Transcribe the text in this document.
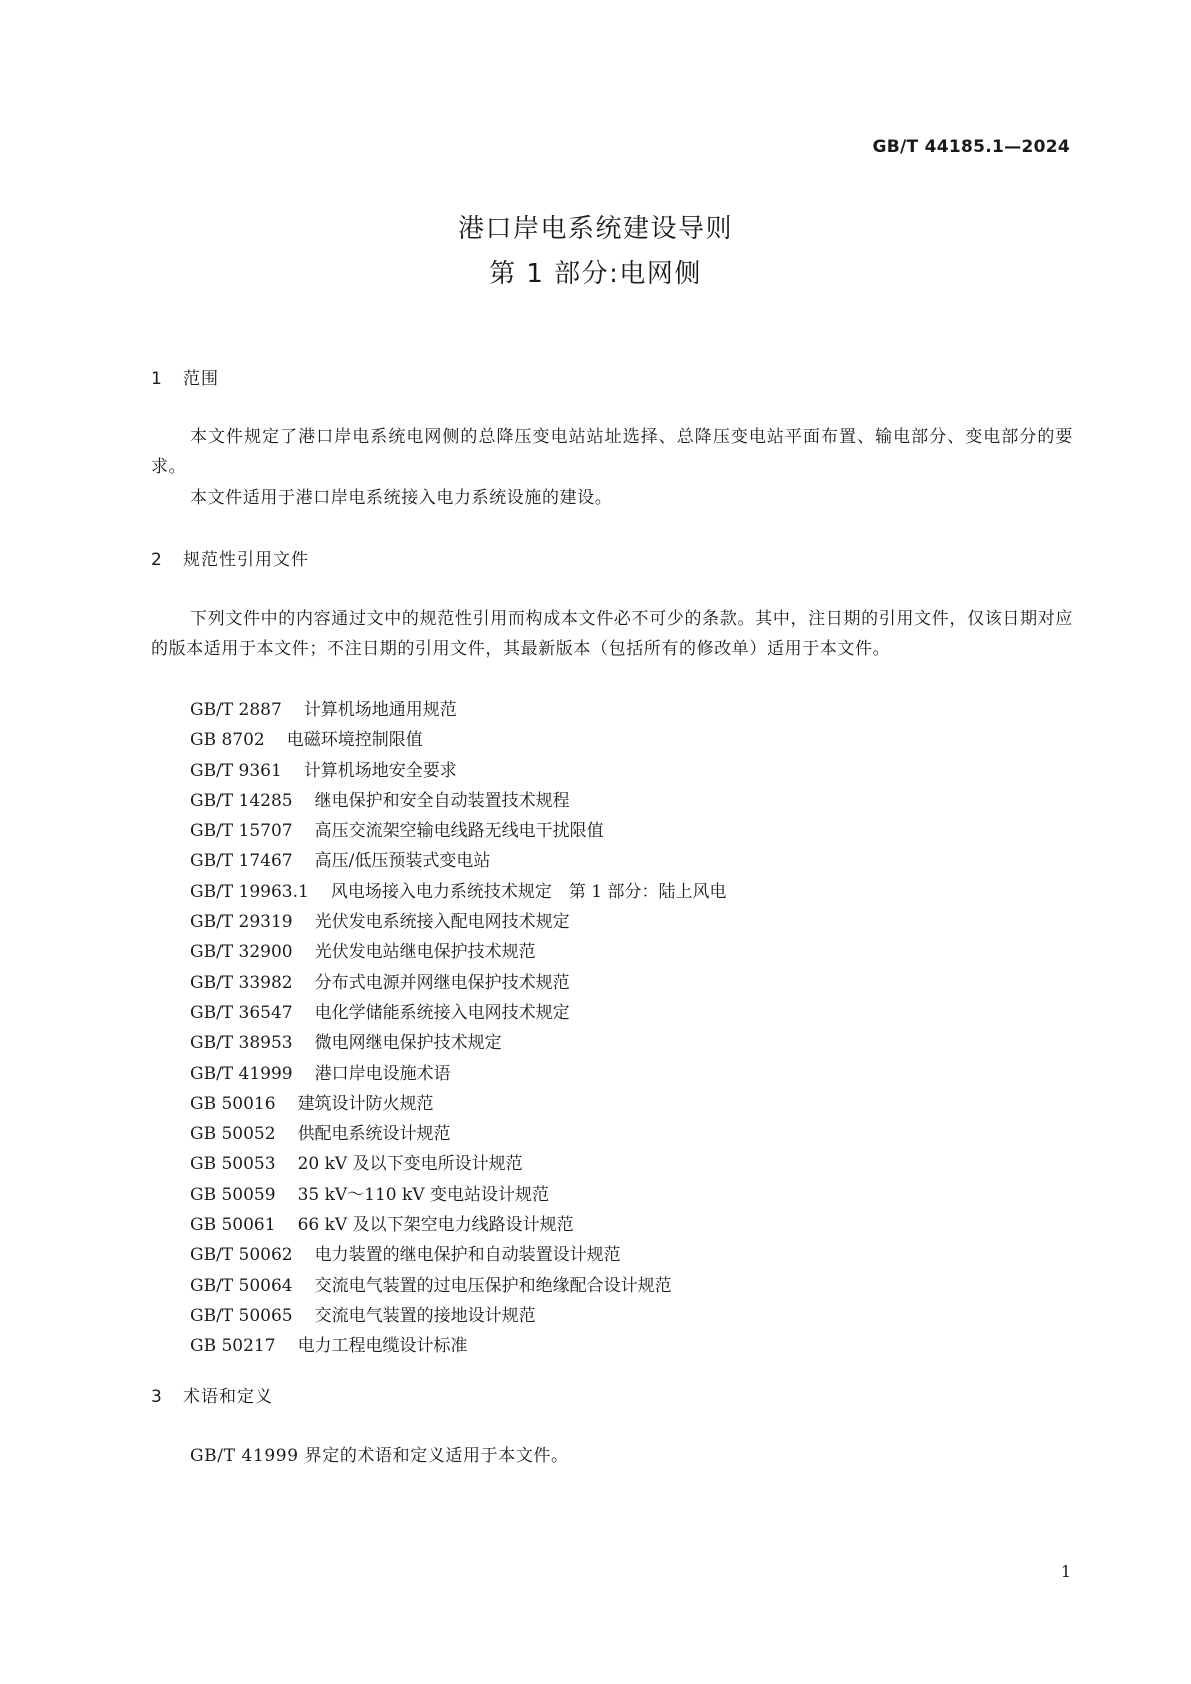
GB/T 44185.1—2024
港口岸电系统建设导则
第 1 部分:电网侧
1 范围
本文件规定了港口岸电系统电网侧的总降压变电站站址选择、总降压变电站平面布置、输电部分、变电部分的要求。
本文件适用于港口岸电系统接入电力系统设施的建设。
2 规范性引用文件
下列文件中的内容通过文中的规范性引用而构成本文件必不可少的条款。其中，注日期的引用文件，仅该日期对应的版本适用于本文件；不注日期的引用文件，其最新版本（包括所有的修改单）适用于本文件。
GB/T 2887 计算机场地通用规范
GB 8702 电磁环境控制限值
GB/T 9361 计算机场地安全要求
GB/T 14285 继电保护和安全自动装置技术规程
GB/T 15707 高压交流架空输电线路无线电干扰限值
GB/T 17467 高压/低压预装式变电站
GB/T 19963.1 风电场接入电力系统技术规定　第 1 部分：陆上风电
GB/T 29319 光伏发电系统接入配电网技术规定
GB/T 32900 光伏发电站继电保护技术规范
GB/T 33982 分布式电源并网继电保护技术规范
GB/T 36547 电化学储能系统接入电网技术规定
GB/T 38953 微电网继电保护技术规定
GB/T 41999 港口岸电设施术语
GB 50016 建筑设计防火规范
GB 50052 供配电系统设计规范
GB 50053 20 kV 及以下变电所设计规范
GB 50059 35 kV～110 kV 变电站设计规范
GB 50061 66 kV 及以下架空电力线路设计规范
GB/T 50062 电力装置的继电保护和自动装置设计规范
GB/T 50064 交流电气装置的过电压保护和绝缘配合设计规范
GB/T 50065 交流电气装置的接地设计规范
GB 50217 电力工程电缆设计标准
3 术语和定义
GB/T 41999 界定的术语和定义适用于本文件。
1
